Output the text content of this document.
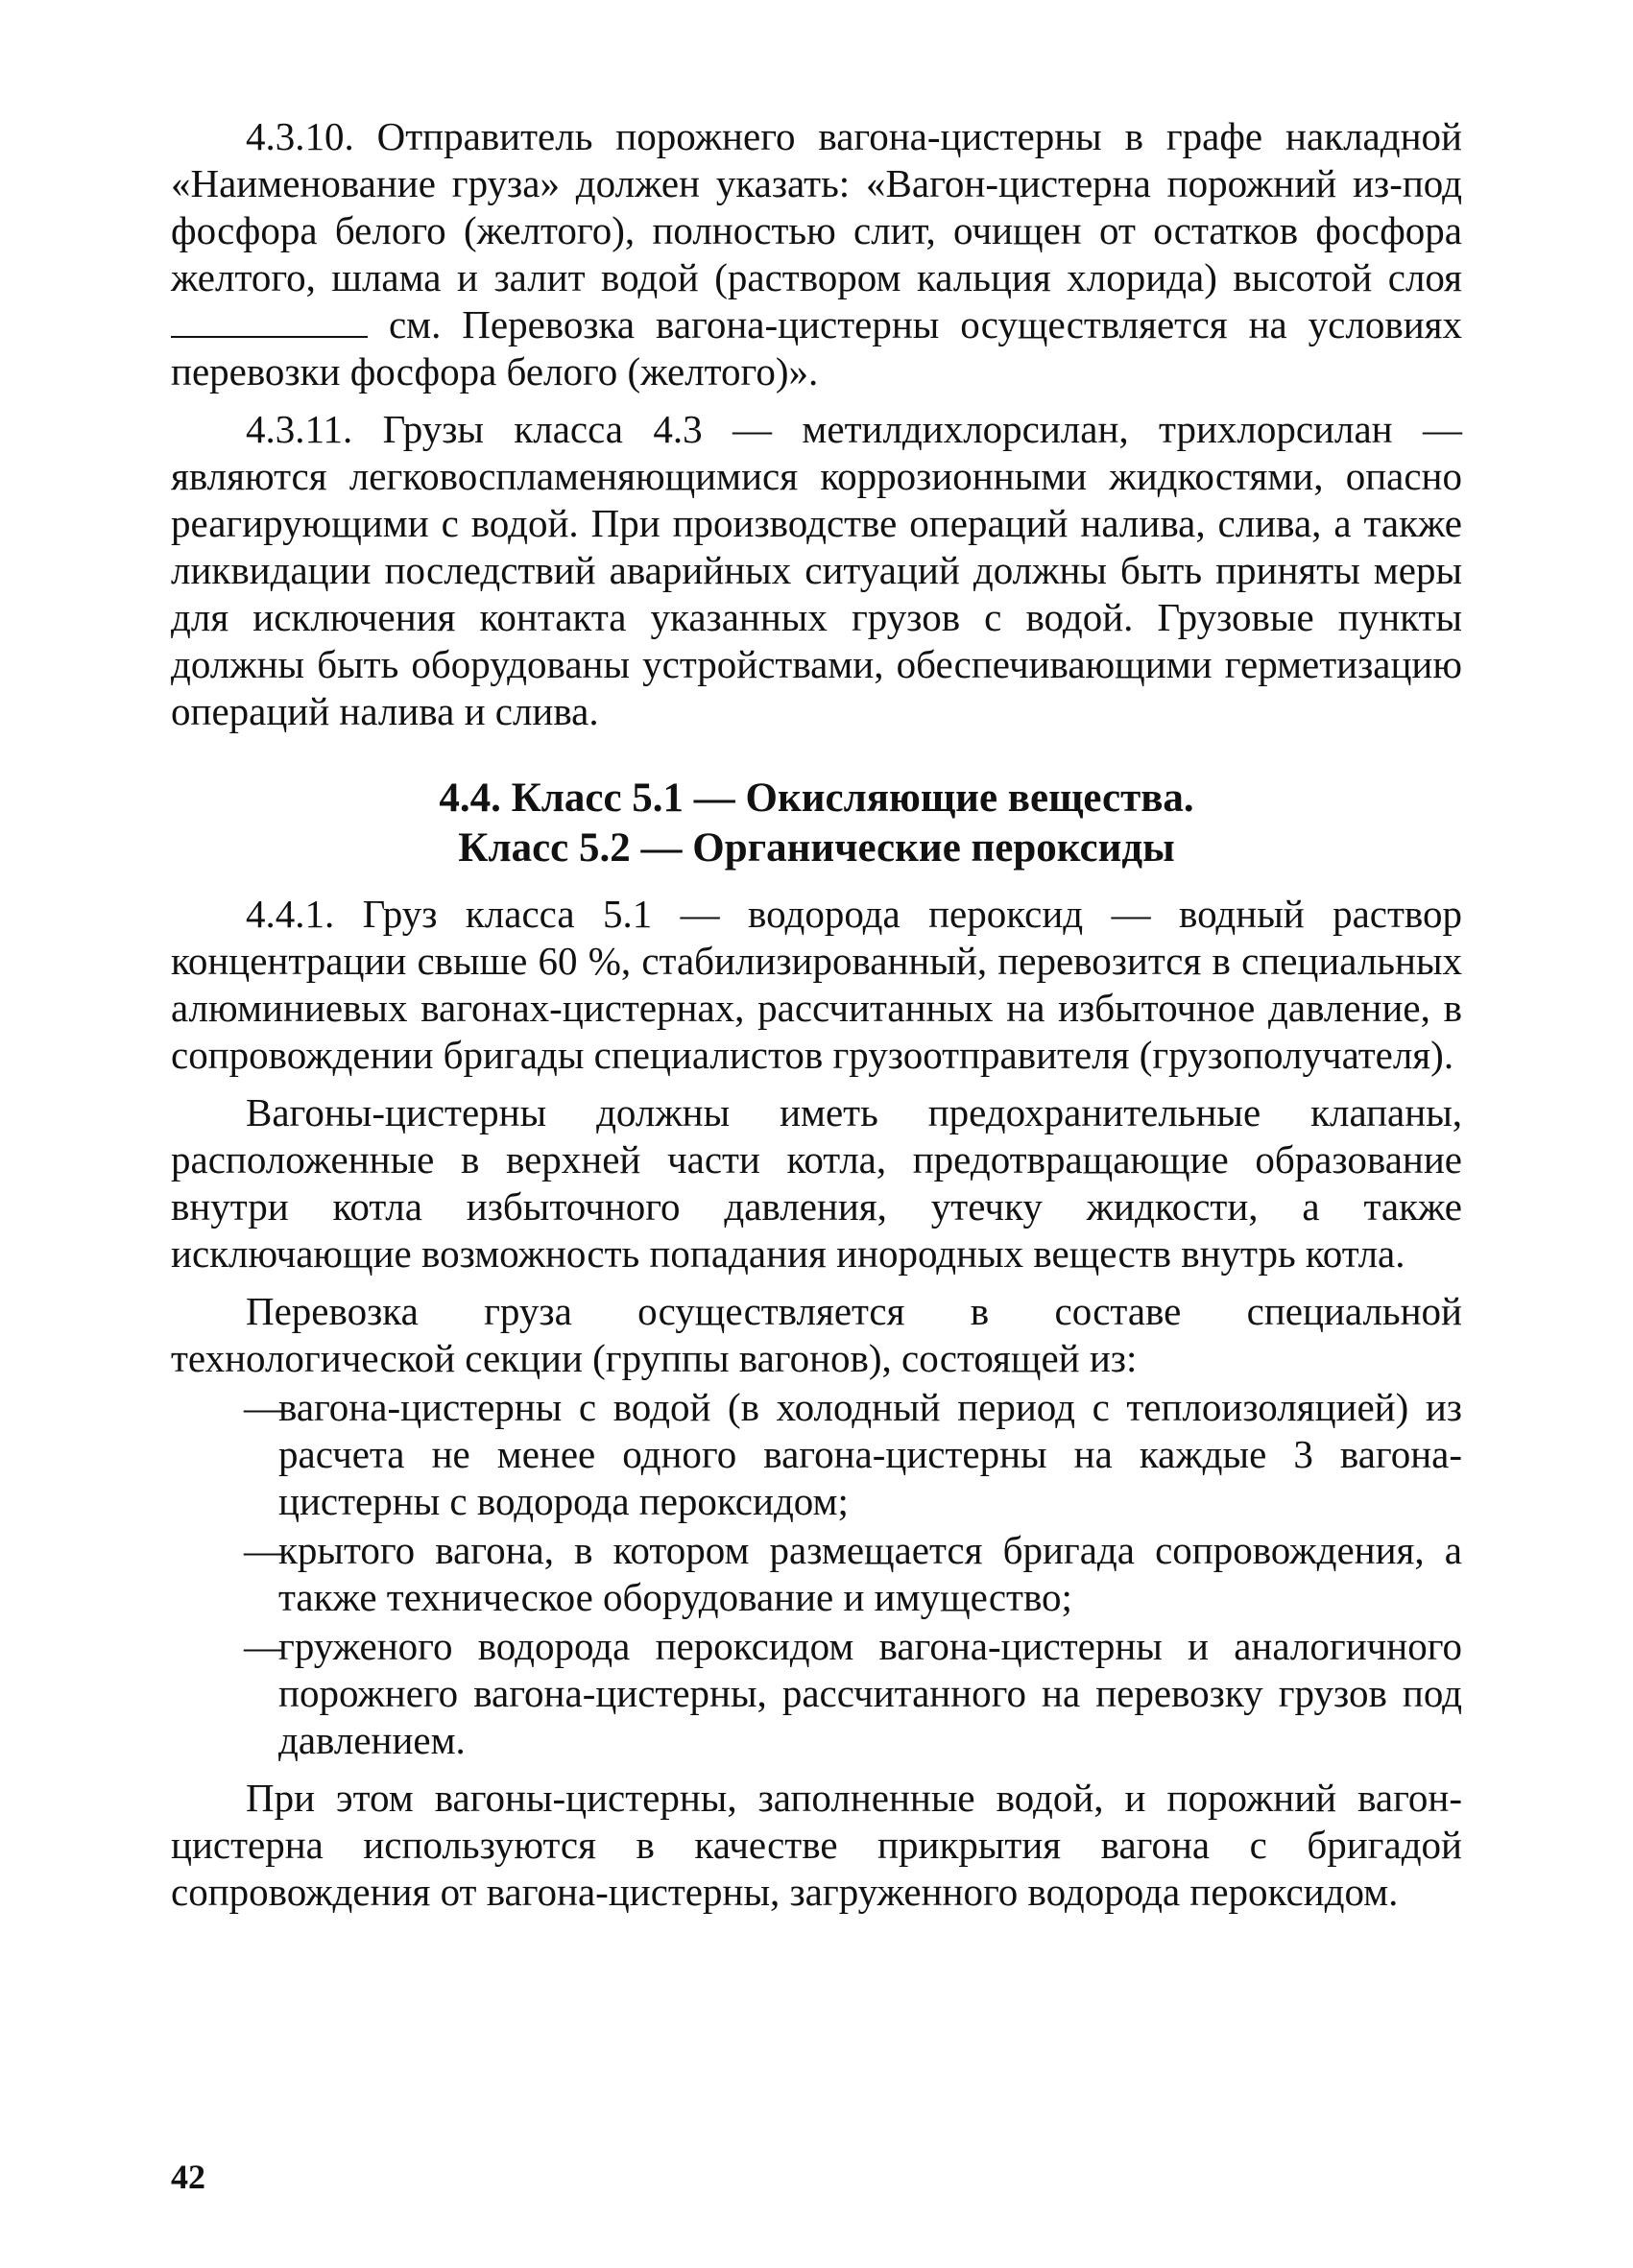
4.3.10. Отправитель порожнего вагона-цистерны в графе накладной «Наименование груза» должен указать: «Вагон-цистерна порожний из-под фосфора белого (желтого), полностью слит, очищен от остатков фосфора желтого, шлама и залит водой (раствором кальция хлорида) высотой слоя  см. Перевозка вагона-цистерны осуществляется на условиях перевозки фосфора белого (желтого)».

4.3.11. Грузы класса 4.3 — метилдихлорсилан, трихлорсилан — являются легковоспламеняющимися коррозионными жидкостями, опасно реагирующими с водой. При производстве операций налива, слива, а также ликвидации последствий аварийных ситуаций должны быть приняты меры для исключения контакта указанных грузов с водой. Грузовые пункты должны быть оборудованы устройствами, обеспечивающими герметизацию операций налива и слива.

4.4. Класс 5.1 — Окисляющие вещества.
Класс 5.2 — Органические пероксиды

4.4.1. Груз класса 5.1 — водорода пероксид — водный раствор концентрации свыше 60 %, стабилизированный, перевозится в специальных алюминиевых вагонах-цистернах, рассчитанных на избыточное давление, в сопровождении бригады специалистов грузоотправителя (грузополучателя).

Вагоны-цистерны должны иметь предохранительные клапаны, расположенные в верхней части котла, предотвращающие образование внутри котла избыточного давления, утечку жидкости, а также исключающие возможность попадания инородных веществ внутрь котла.

Перевозка груза осуществляется в составе специальной технологической секции (группы вагонов), состоящей из:

—
вагона-цистерны с водой (в холодный период с теплоизоляцией) из расчета не менее одного вагона-цистерны на каждые 3 вагона-цистерны с водорода пероксидом;
—
крытого вагона, в котором размещается бригада сопровождения, а также техническое оборудование и имущество;
—
груженого водорода пероксидом вагона-цистерны и аналогичного порожнего вагона-цистерны, рассчитанного на перевозку грузов под давлением.

При этом вагоны-цистерны, заполненные водой, и порожний вагон-цистерна используются в качестве прикрытия вагона с бригадой сопровождения от вагона-цистерны, загруженного водорода пероксидом.

42
